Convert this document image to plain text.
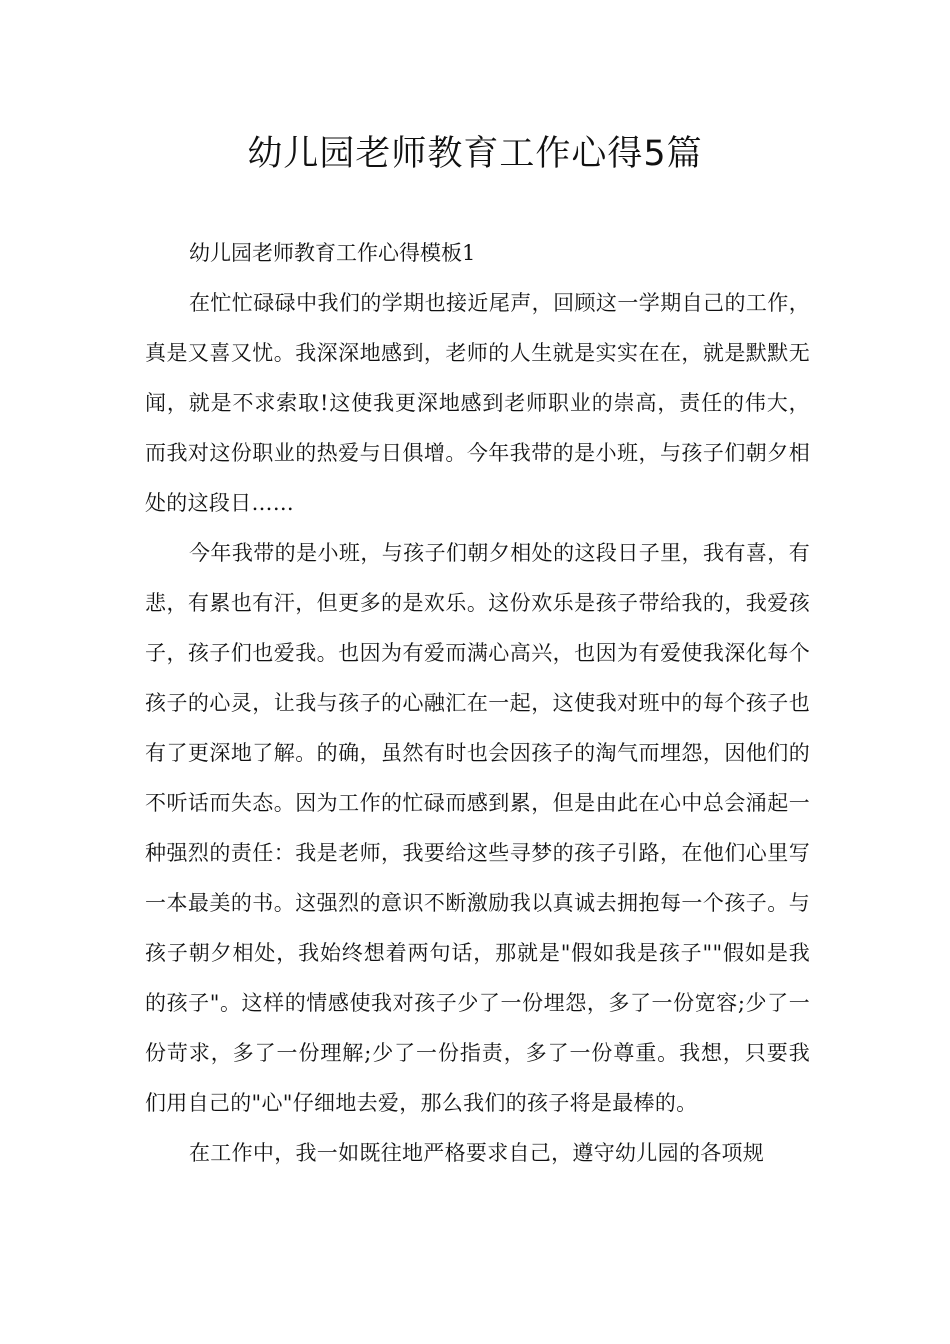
幼儿园老师教育工作心得5篇

幼儿园老师教育工作心得模板1

在忙忙碌碌中我们的学期也接近尾声，回顾这一学期自己的工作，真是又喜又忧。我深深地感到，老师的人生就是实实在在，就是默默无闻，就是不求索取!这使我更深地感到老师职业的崇高，责任的伟大，而我对这份职业的热爱与日俱增。今年我带的是小班，与孩子们朝夕相处的这段日……

今年我带的是小班，与孩子们朝夕相处的这段日子里，我有喜，有悲，有累也有汗，但更多的是欢乐。这份欢乐是孩子带给我的，我爱孩子，孩子们也爱我。也因为有爱而满心高兴，也因为有爱使我深化每个孩子的心灵，让我与孩子的心融汇在一起，这使我对班中的每个孩子也有了更深地了解。的确，虽然有时也会因孩子的淘气而埋怨，因他们的不听话而失态。因为工作的忙碌而感到累，但是由此在心中总会涌起一种强烈的责任：我是老师，我要给这些寻梦的孩子引路，在他们心里写一本最美的书。这强烈的意识不断激励我以真诚去拥抱每一个孩子。与孩子朝夕相处，我始终想着两句话，那就是"假如我是孩子""假如是我的孩子"。这样的情感使我对孩子少了一份埋怨，多了一份宽容;少了一份苛求，多了一份理解;少了一份指责，多了一份尊重。我想，只要我们用自己的"心"仔细地去爱，那么我们的孩子将是最棒的。

在工作中，我一如既往地严格要求自己，遵守幼儿园的各项规
